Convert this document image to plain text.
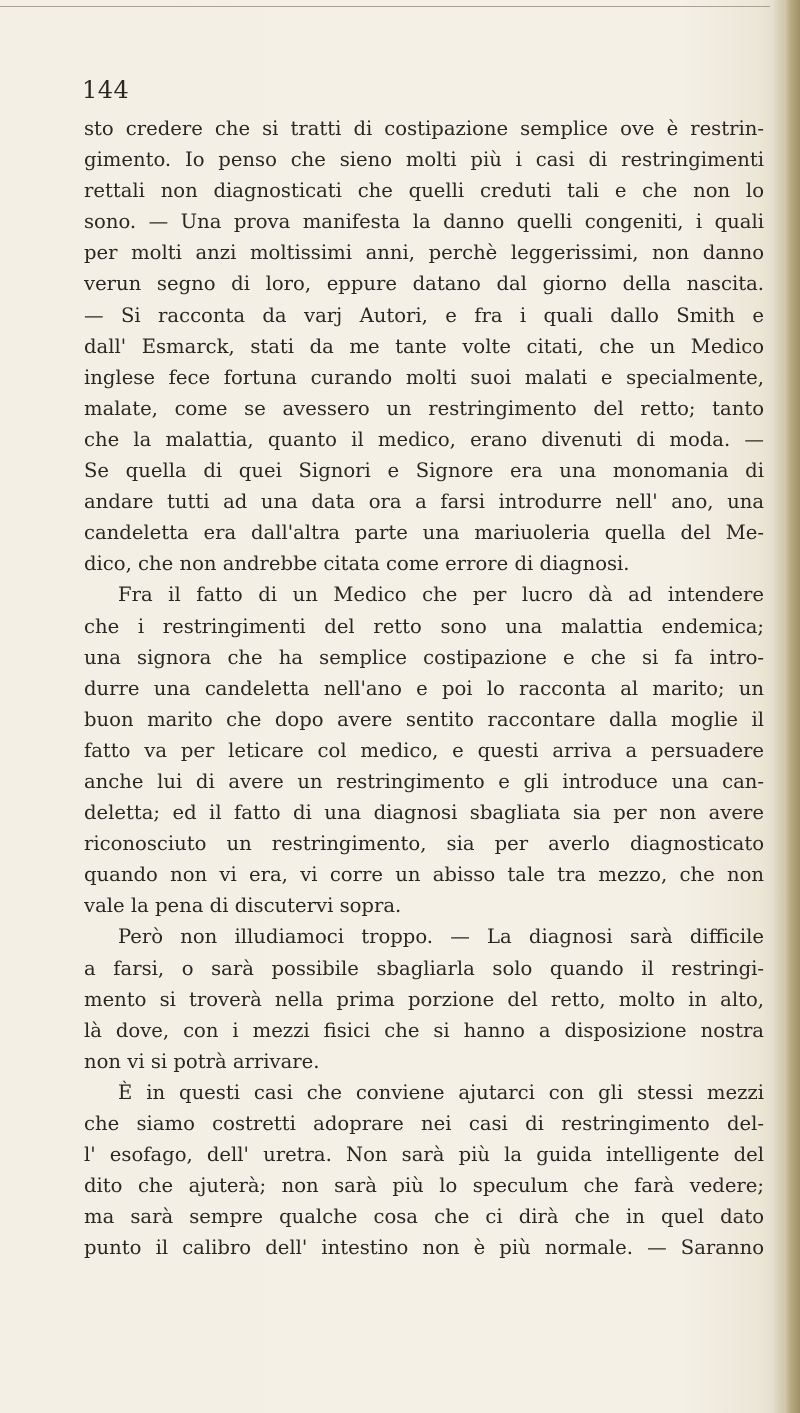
144
sto credere che si tratti di costipazione semplice ove è restrin-
gimento. Io penso che sieno molti più i casi di restringimenti
rettali non diagnosticati che quelli creduti tali e che non lo
sono. — Una prova manifesta la danno quelli congeniti, i quali
per molti anzi moltissimi anni, perchè leggerissimi, non danno
verun segno di loro, eppure datano dal giorno della nascita.
— Si racconta da varj Autori, e fra i quali dallo Smith e
dall' Esmarck, stati da me tante volte citati, che un Medico
inglese fece fortuna curando molti suoi malati e specialmente,
malate, come se avessero un restringimento del retto; tanto
che la malattia, quanto il medico, erano divenuti di moda. —
Se quella di quei Signori e Signore era una monomania di
andare tutti ad una data ora a farsi introdurre nell' ano, una
candeletta era dall'altra parte una mariuoleria quella del Me-
dico, che non andrebbe citata come errore di diagnosi.
Fra il fatto di un Medico che per lucro dà ad intendere
che i restringimenti del retto sono una malattia endemica;
una signora che ha semplice costipazione e che si fa intro-
durre una candeletta nell'ano e poi lo racconta al marito; un
buon marito che dopo avere sentito raccontare dalla moglie il
fatto va per leticare col medico, e questi arriva a persuadere
anche lui di avere un restringimento e gli introduce una can-
deletta; ed il fatto di una diagnosi sbagliata sia per non avere
riconosciuto un restringimento, sia per averlo diagnosticato
quando non vi era, vi corre un abisso tale tra mezzo, che non
vale la pena di discutervi sopra.
Però non illudiamoci troppo. — La diagnosi sarà difficile
a farsi, o sarà possibile sbagliarla solo quando il restringi-
mento si troverà nella prima porzione del retto, molto in alto,
là dove, con i mezzi fisici che si hanno a disposizione nostra
non vi si potrà arrivare.
È in questi casi che conviene ajutarci con gli stessi mezzi
che siamo costretti adoprare nei casi di restringimento del-
l' esofago, dell' uretra. Non sarà più la guida intelligente del
dito che ajuterà; non sarà più lo speculum che farà vedere;
ma sarà sempre qualche cosa che ci dirà che in quel dato
punto il calibro dell' intestino non è più normale. — Saranno
